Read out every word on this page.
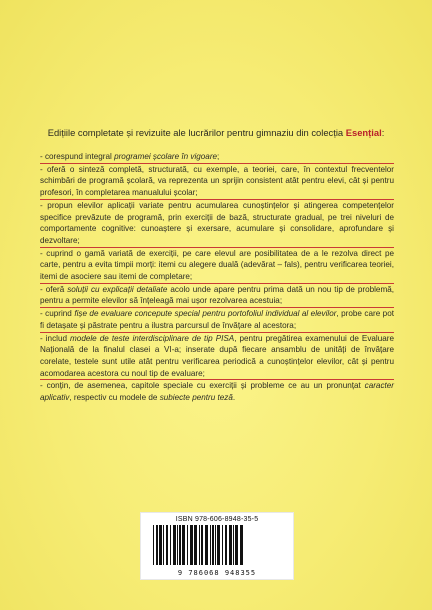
Edițiile completate și revizuite ale lucrărilor pentru gimnaziu din colecția Esențial:
- corespund integral programei școlare în vigoare;
- oferă o sinteză completă, structurată, cu exemple, a teoriei, care, în contextul frecventelor schimbări de programă școlară, va reprezenta un sprijin consistent atât pentru elevi, cât și pentru profesori, în completarea manualului școlar;
- propun elevilor aplicații variate pentru acumularea cunoștințelor și atingerea competențelor specifice prevăzute de programă, prin exerciții de bază, structurate gradual, pe trei niveluri de comportamente cognitive: cunoaștere și exersare, acumulare și consolidare, aprofundare și dezvoltare;
- cuprind o gamă variată de exerciții, pe care elevul are posibilitatea de a le rezolva direct pe carte, pentru a evita timpii morți: itemi cu alegere duală (adevărat – fals), pentru verificarea teoriei, itemi de asociere sau itemi de completare;
- oferă soluții cu explicații detaliate acolo unde apare pentru prima dată un nou tip de problemă, pentru a permite elevilor să înțeleagă mai ușor rezolvarea acestuia;
- cuprind fișe de evaluare concepute special pentru portofoliul individual al elevilor, probe care pot fi detașate și păstrate pentru a ilustra parcursul de învățare al acestora;
- includ modele de teste interdisciplinare de tip PISA, pentru pregătirea examenului de Evaluare Națională de la finalul clasei a VI-a; inserate după fiecare ansamblu de unități de învățare corelate, testele sunt utile atât pentru verificarea periodică a cunoștințelor elevilor, cât și pentru acomodarea acestora cu noul tip de evaluare;
- conțin, de asemenea, capitole speciale cu exerciții și probleme ce au un pronunțat caracter aplicativ, respectiv cu modele de subiecte pentru teză.
ISBN 978-606-8948-35-5
9 786068 948355
